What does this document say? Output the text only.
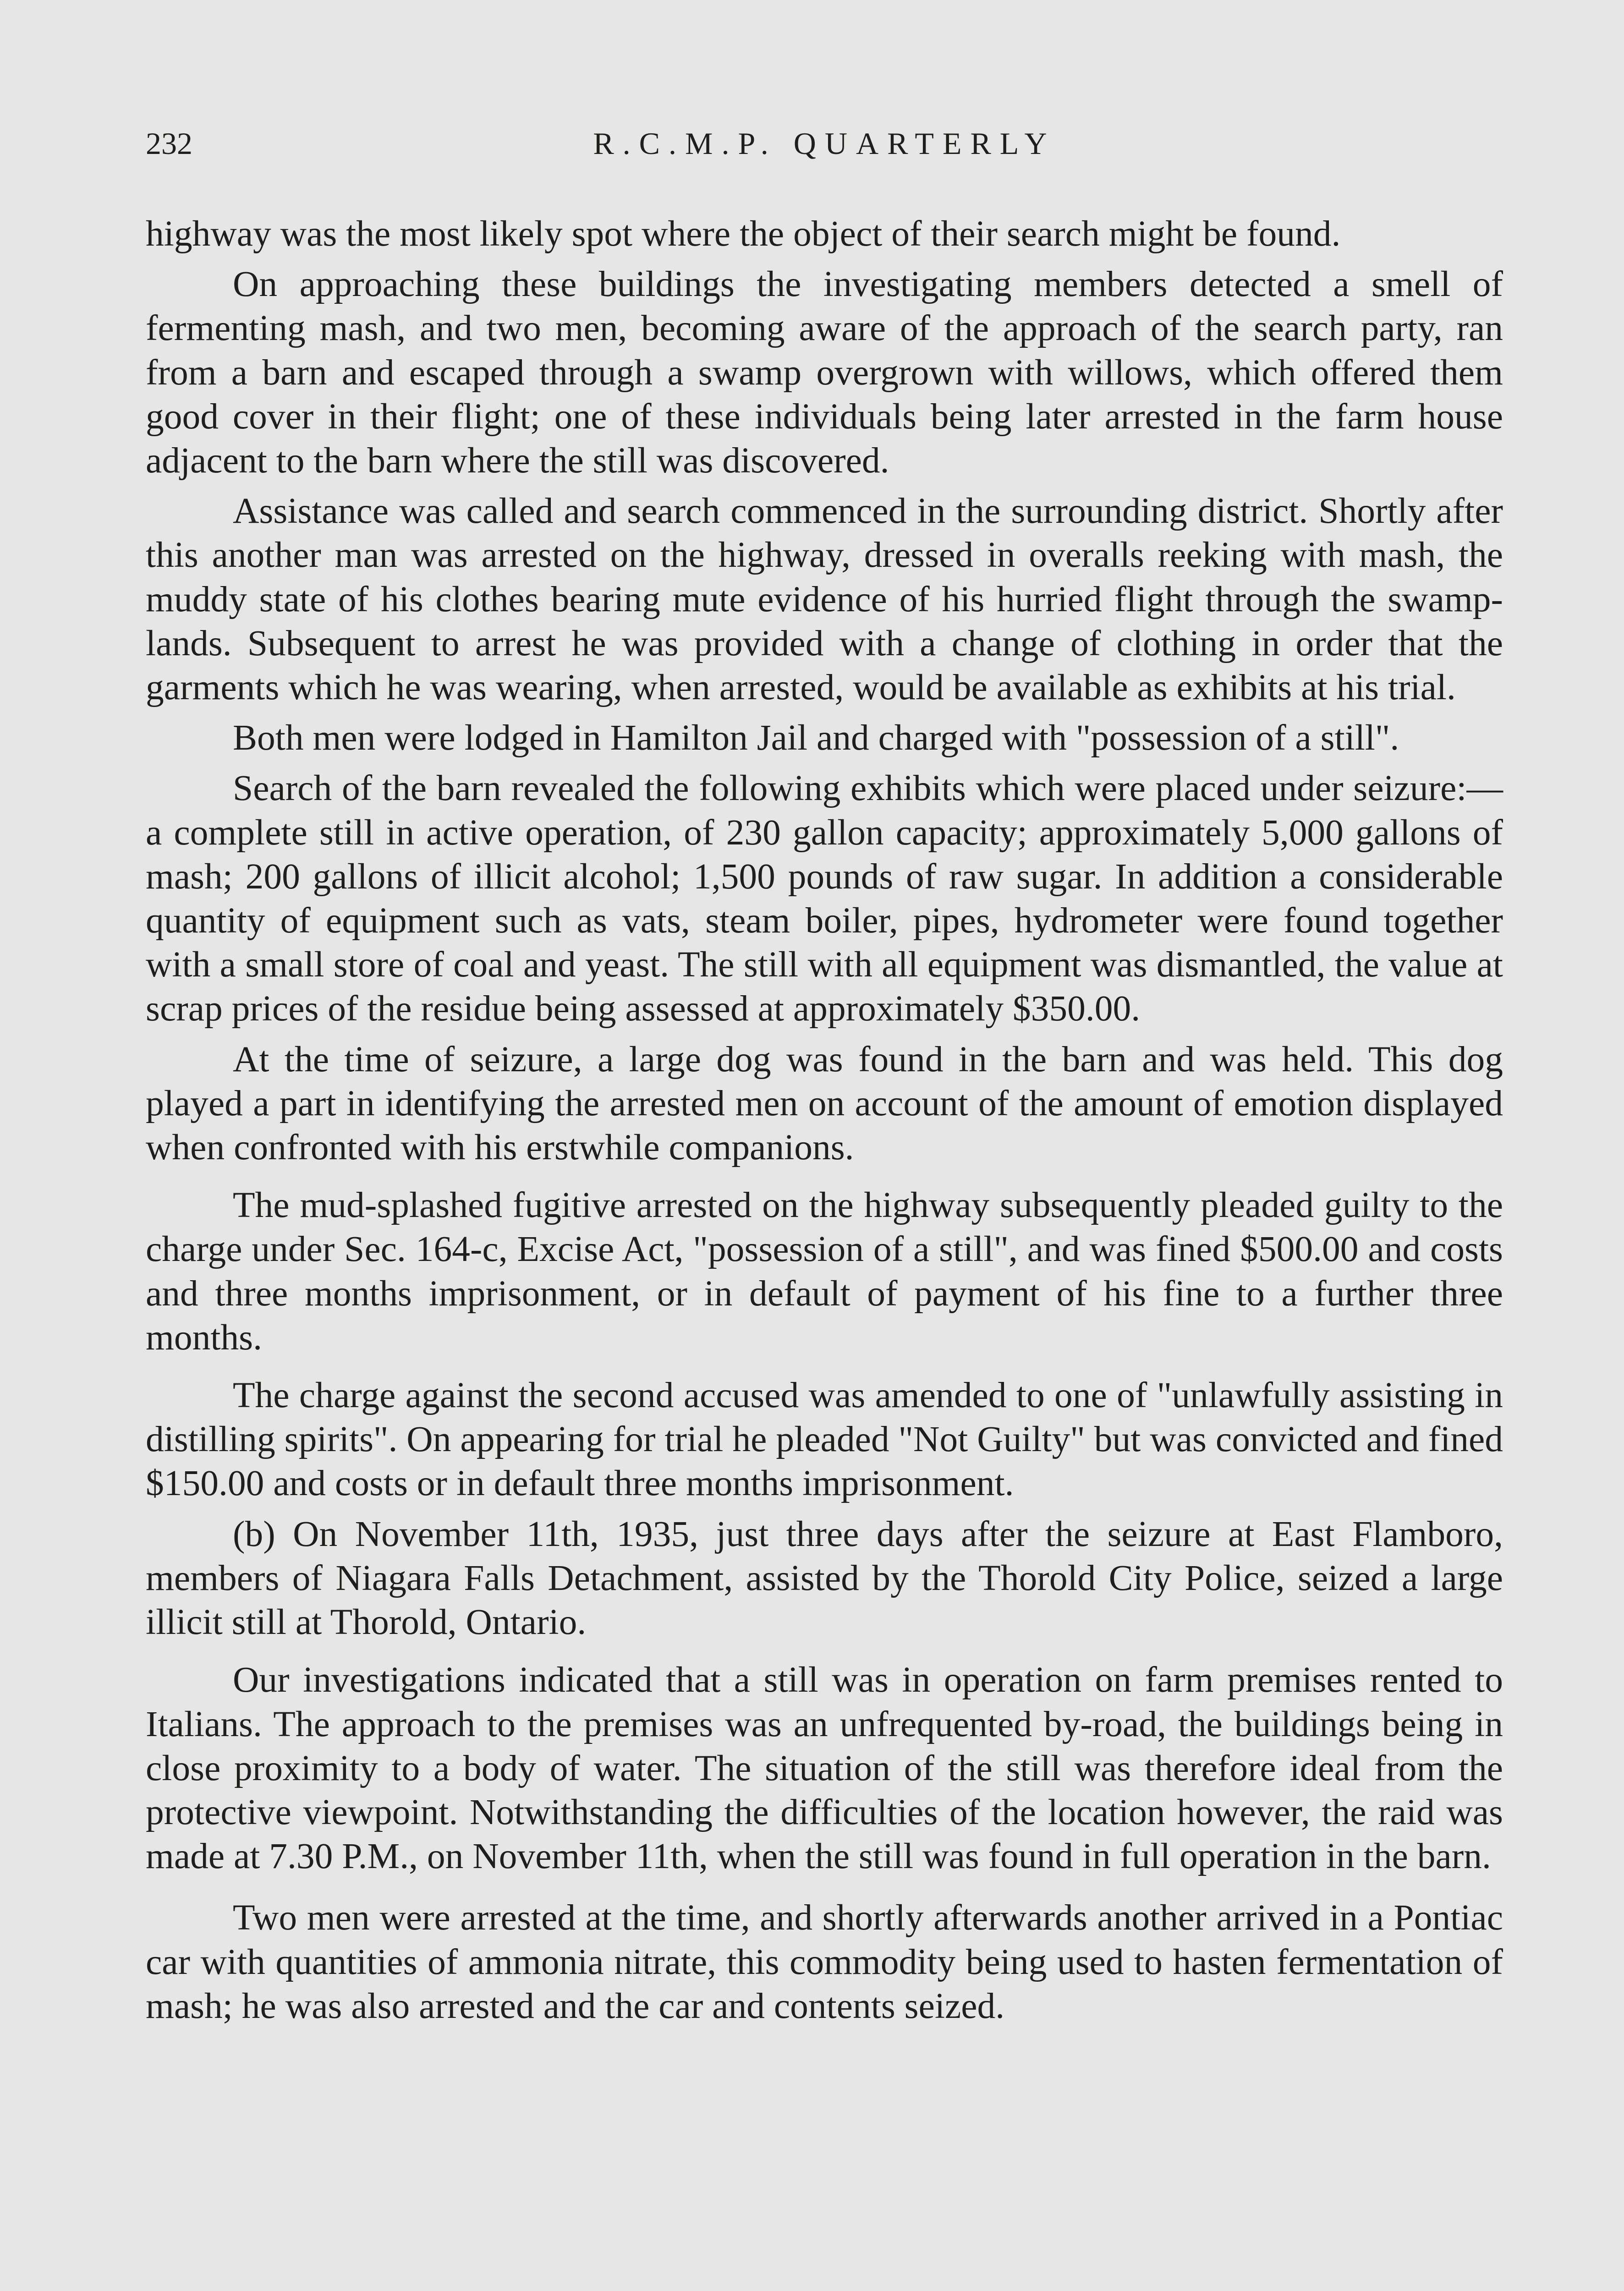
232	R.C.M.P. QUARTERLY

highway was the most likely spot where the object of their search might be found.

On approaching these buildings the investigating members detected a smell of fermenting mash, and two men, becoming aware of the approach of the search party, ran from a barn and escaped through a swamp overgrown with willows, which offered them good cover in their flight; one of these individuals being later arrested in the farm house adjacent to the barn where the still was discovered.

Assistance was called and search commenced in the surrounding district. Shortly after this another man was arrested on the highway, dressed in overalls reeking with mash, the muddy state of his clothes bearing mute evidence of his hurried flight through the swamp-lands. Subsequent to arrest he was provided with a change of clothing in order that the garments which he was wearing, when arrested, would be available as exhibits at his trial.

Both men were lodged in Hamilton Jail and charged with "possession of a still".

Search of the barn revealed the following exhibits which were placed under seizure:—a complete still in active operation, of 230 gallon capacity; approximately 5,000 gallons of mash; 200 gallons of illicit alcohol; 1,500 pounds of raw sugar. In addition a considerable quantity of equipment such as vats, steam boiler, pipes, hydrometer were found together with a small store of coal and yeast. The still with all equipment was dismantled, the value at scrap prices of the residue being assessed at approximately $350.00.

At the time of seizure, a large dog was found in the barn and was held. This dog played a part in identifying the arrested men on account of the amount of emotion displayed when confronted with his erstwhile companions.

The mud-splashed fugitive arrested on the highway subsequently pleaded guilty to the charge under Sec. 164-c, Excise Act, "possession of a still", and was fined $500.00 and costs and three months imprisonment, or in default of payment of his fine to a further three months.

The charge against the second accused was amended to one of "unlawfully assisting in distilling spirits". On appearing for trial he pleaded "Not Guilty" but was convicted and fined $150.00 and costs or in default three months imprisonment.

(b) On November 11th, 1935, just three days after the seizure at East Flamboro, members of Niagara Falls Detachment, assisted by the Thorold City Police, seized a large illicit still at Thorold, Ontario.

Our investigations indicated that a still was in operation on farm premises rented to Italians. The approach to the premises was an unfrequented by-road, the buildings being in close proximity to a body of water. The situation of the still was therefore ideal from the protective viewpoint. Notwithstanding the difficulties of the location however, the raid was made at 7.30 P.M., on November 11th, when the still was found in full operation in the barn.

Two men were arrested at the time, and shortly afterwards another arrived in a Pontiac car with quantities of ammonia nitrate, this commodity being used to hasten fermentation of mash; he was also arrested and the car and contents seized.
